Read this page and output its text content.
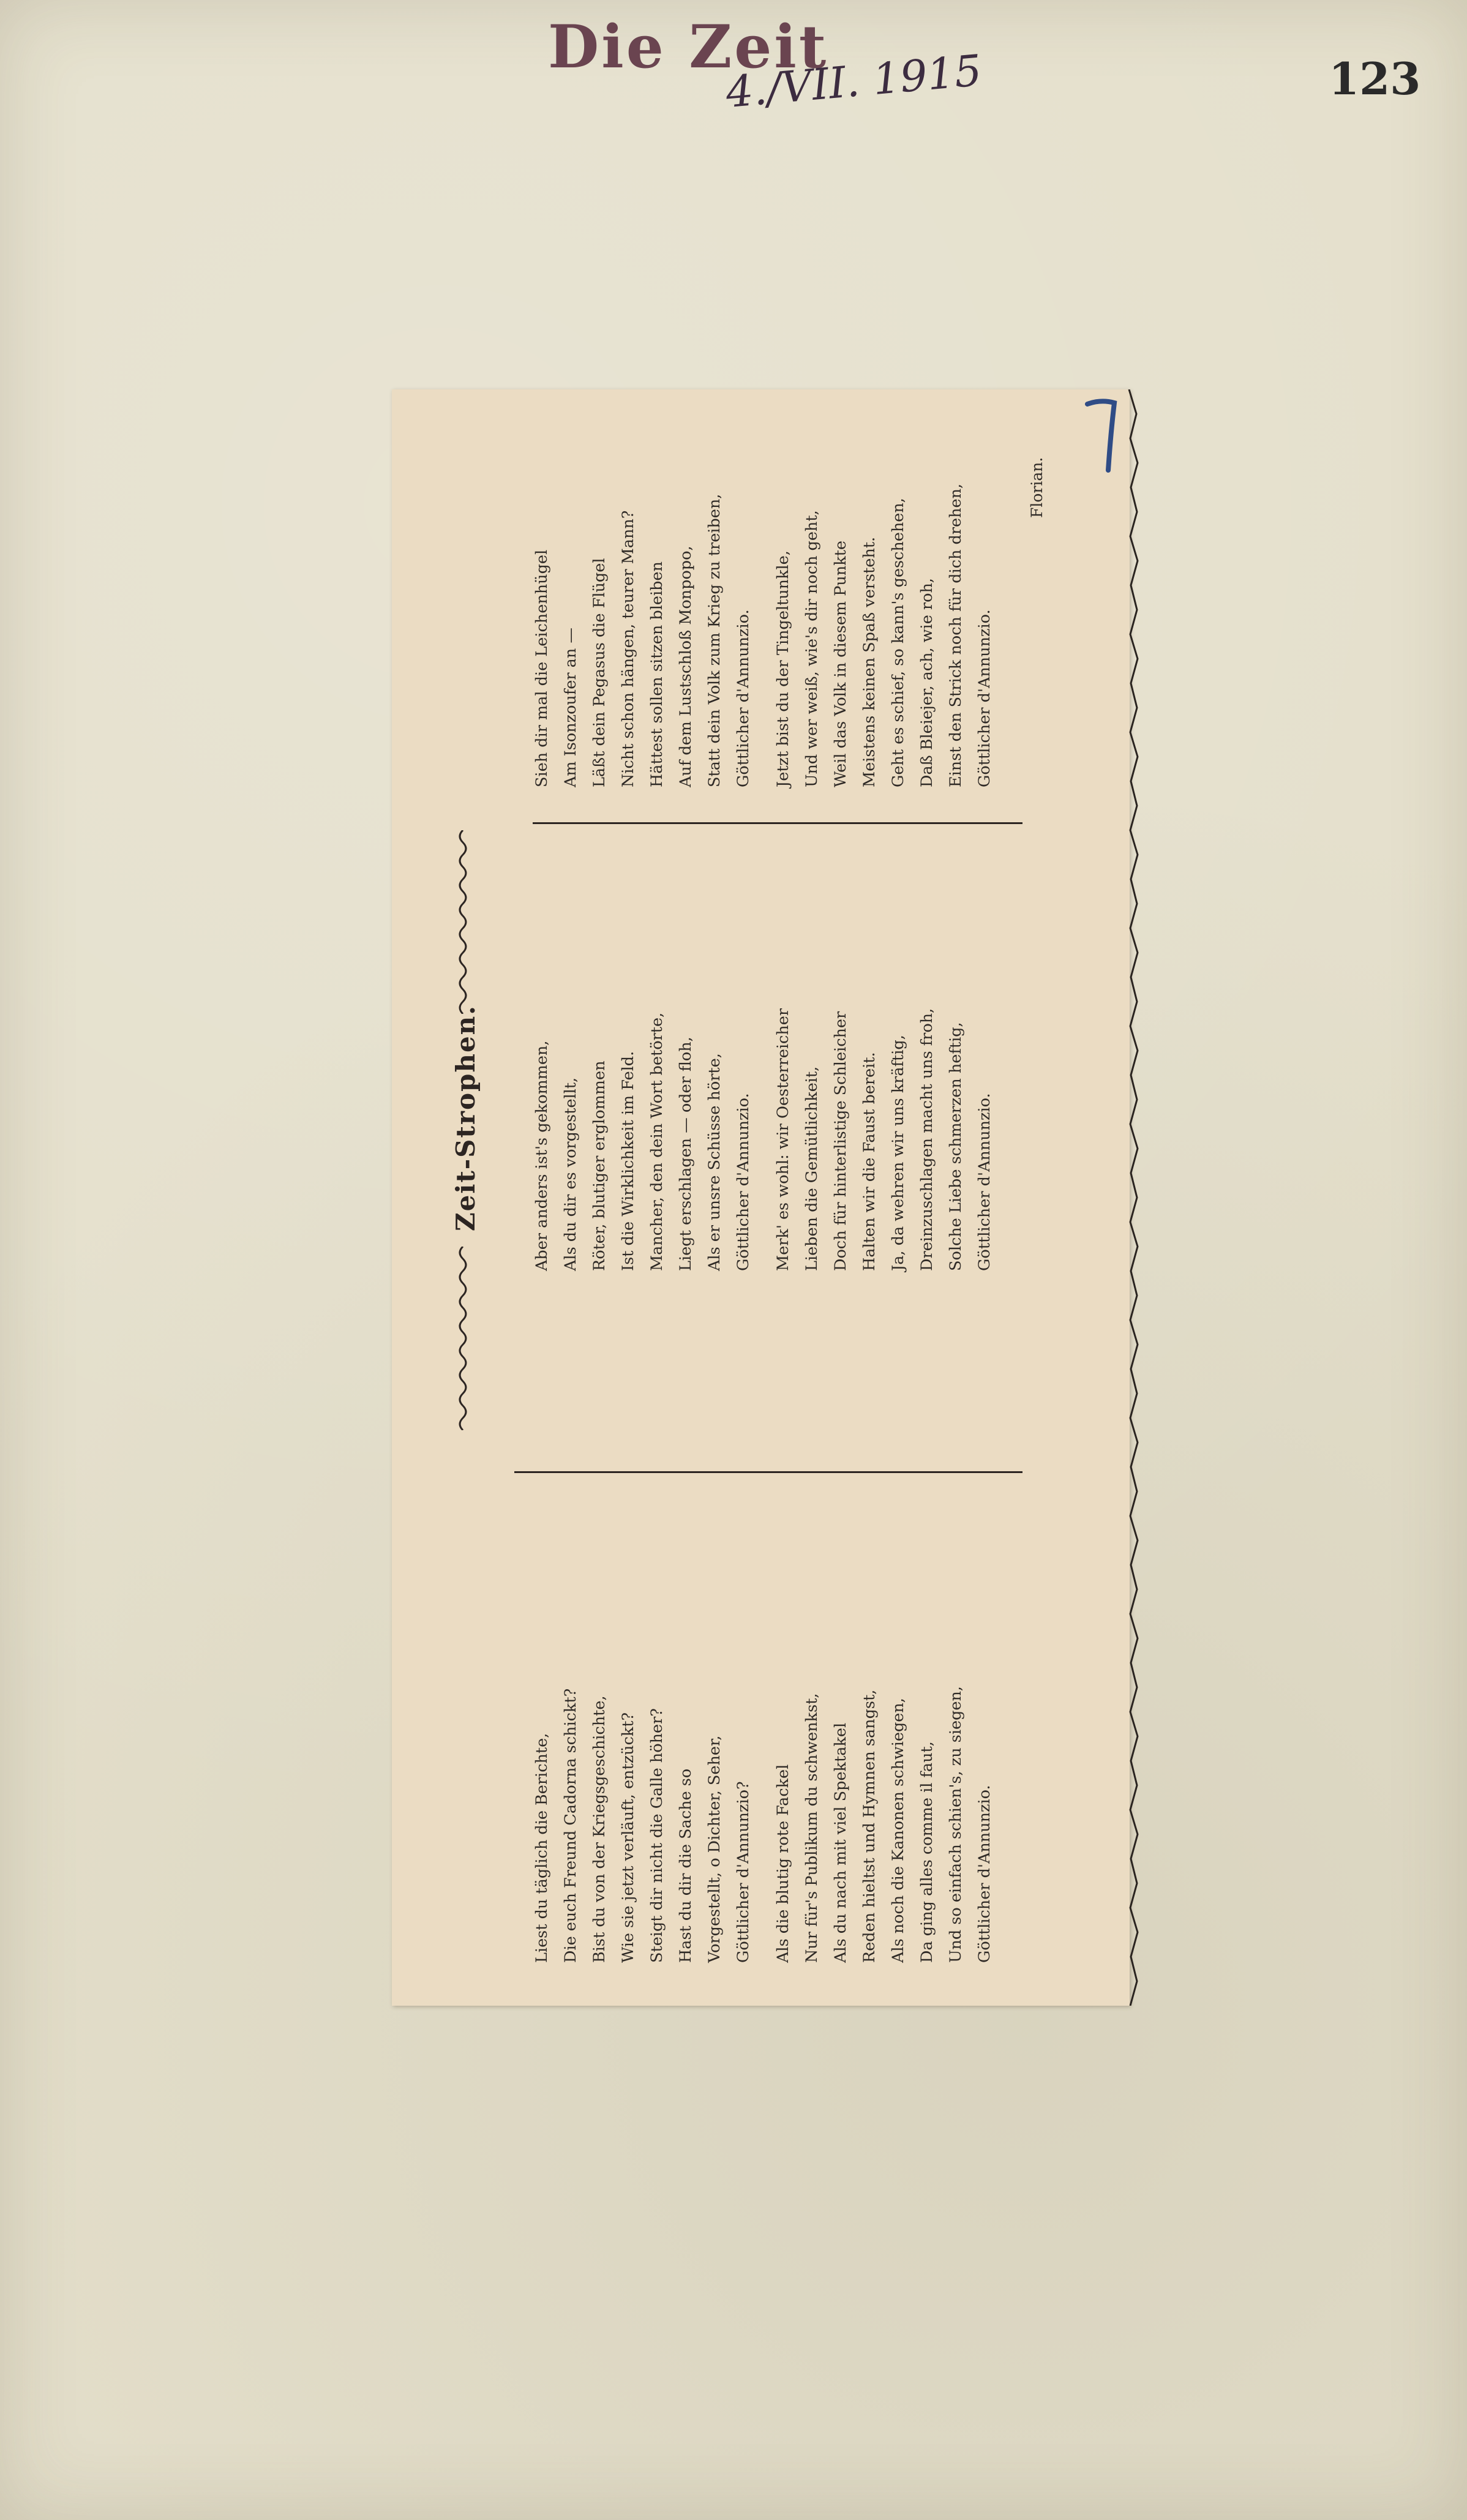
Die Zeit
4./VII. 1915	123
Liest du täglich die Berichte, Die euch Freund Cadorna schickt? Bist du von der Kriegsgeschichte, Wie sie jetzt verläuft, entzückt? Steigt dir nicht die Galle höher? Hast du dir die Sache so Vorgestellt, o Dichter, Seher, Göttlicher d'Annunzio?	Als die blutig rote Fackel Nur für's Publikum du schwenkst, Als du nach mit viel Spektakel Reden hieltst und Hymnen sangst, Als noch die Kanonen schwiegen, Da ging alles comme il faut, Und so einfach schien's, zu siegen, Göttlicher d'Annunzio.
Zeit-Strophen.	Aber anders ist's gekommen, Als du dir es vorgestellt, Röter, blutiger erglommen Ist die Wirklichkeit im Feld. Mancher, den dein Wort betörte, Liegt erschlagen — oder floh, Als er unsre Schüsse hörte, Göttlicher d'Annunzio.	Merk' es wohl: wir Oesterreicher Lieben die Gemütlichkeit, Doch für hinterlistige Schleicher Halten wir die Faust bereit. Ja, da wehren wir uns kräftig, Dreinzuschlagen macht uns froh, Solche Liebe schmerzen heftig, Göttlicher d'Annunzio.
Sieh dir mal die Leichenhügel Am Isonzoufer an — Läßt dein Pegasus die Flügel Nicht schon hängen, teurer Mann? Hättest sollen sitzen bleiben Auf dem Lustschloß Monpopo, Statt dein Volk zum Krieg zu treiben, Göttlicher d'Annunzio.	Jetzt bist du der Tingeltunkle, Und wer weiß, wie's dir noch geht, Weil das Volk in diesem Punkte Meistens keinen Spaß versteht. Geht es schief, so kann's geschehen, Daß Bleiejer, ach, wie roh, Einst den Strick noch für dich drehen, Göttlicher d'Annunzio.
Florian.
